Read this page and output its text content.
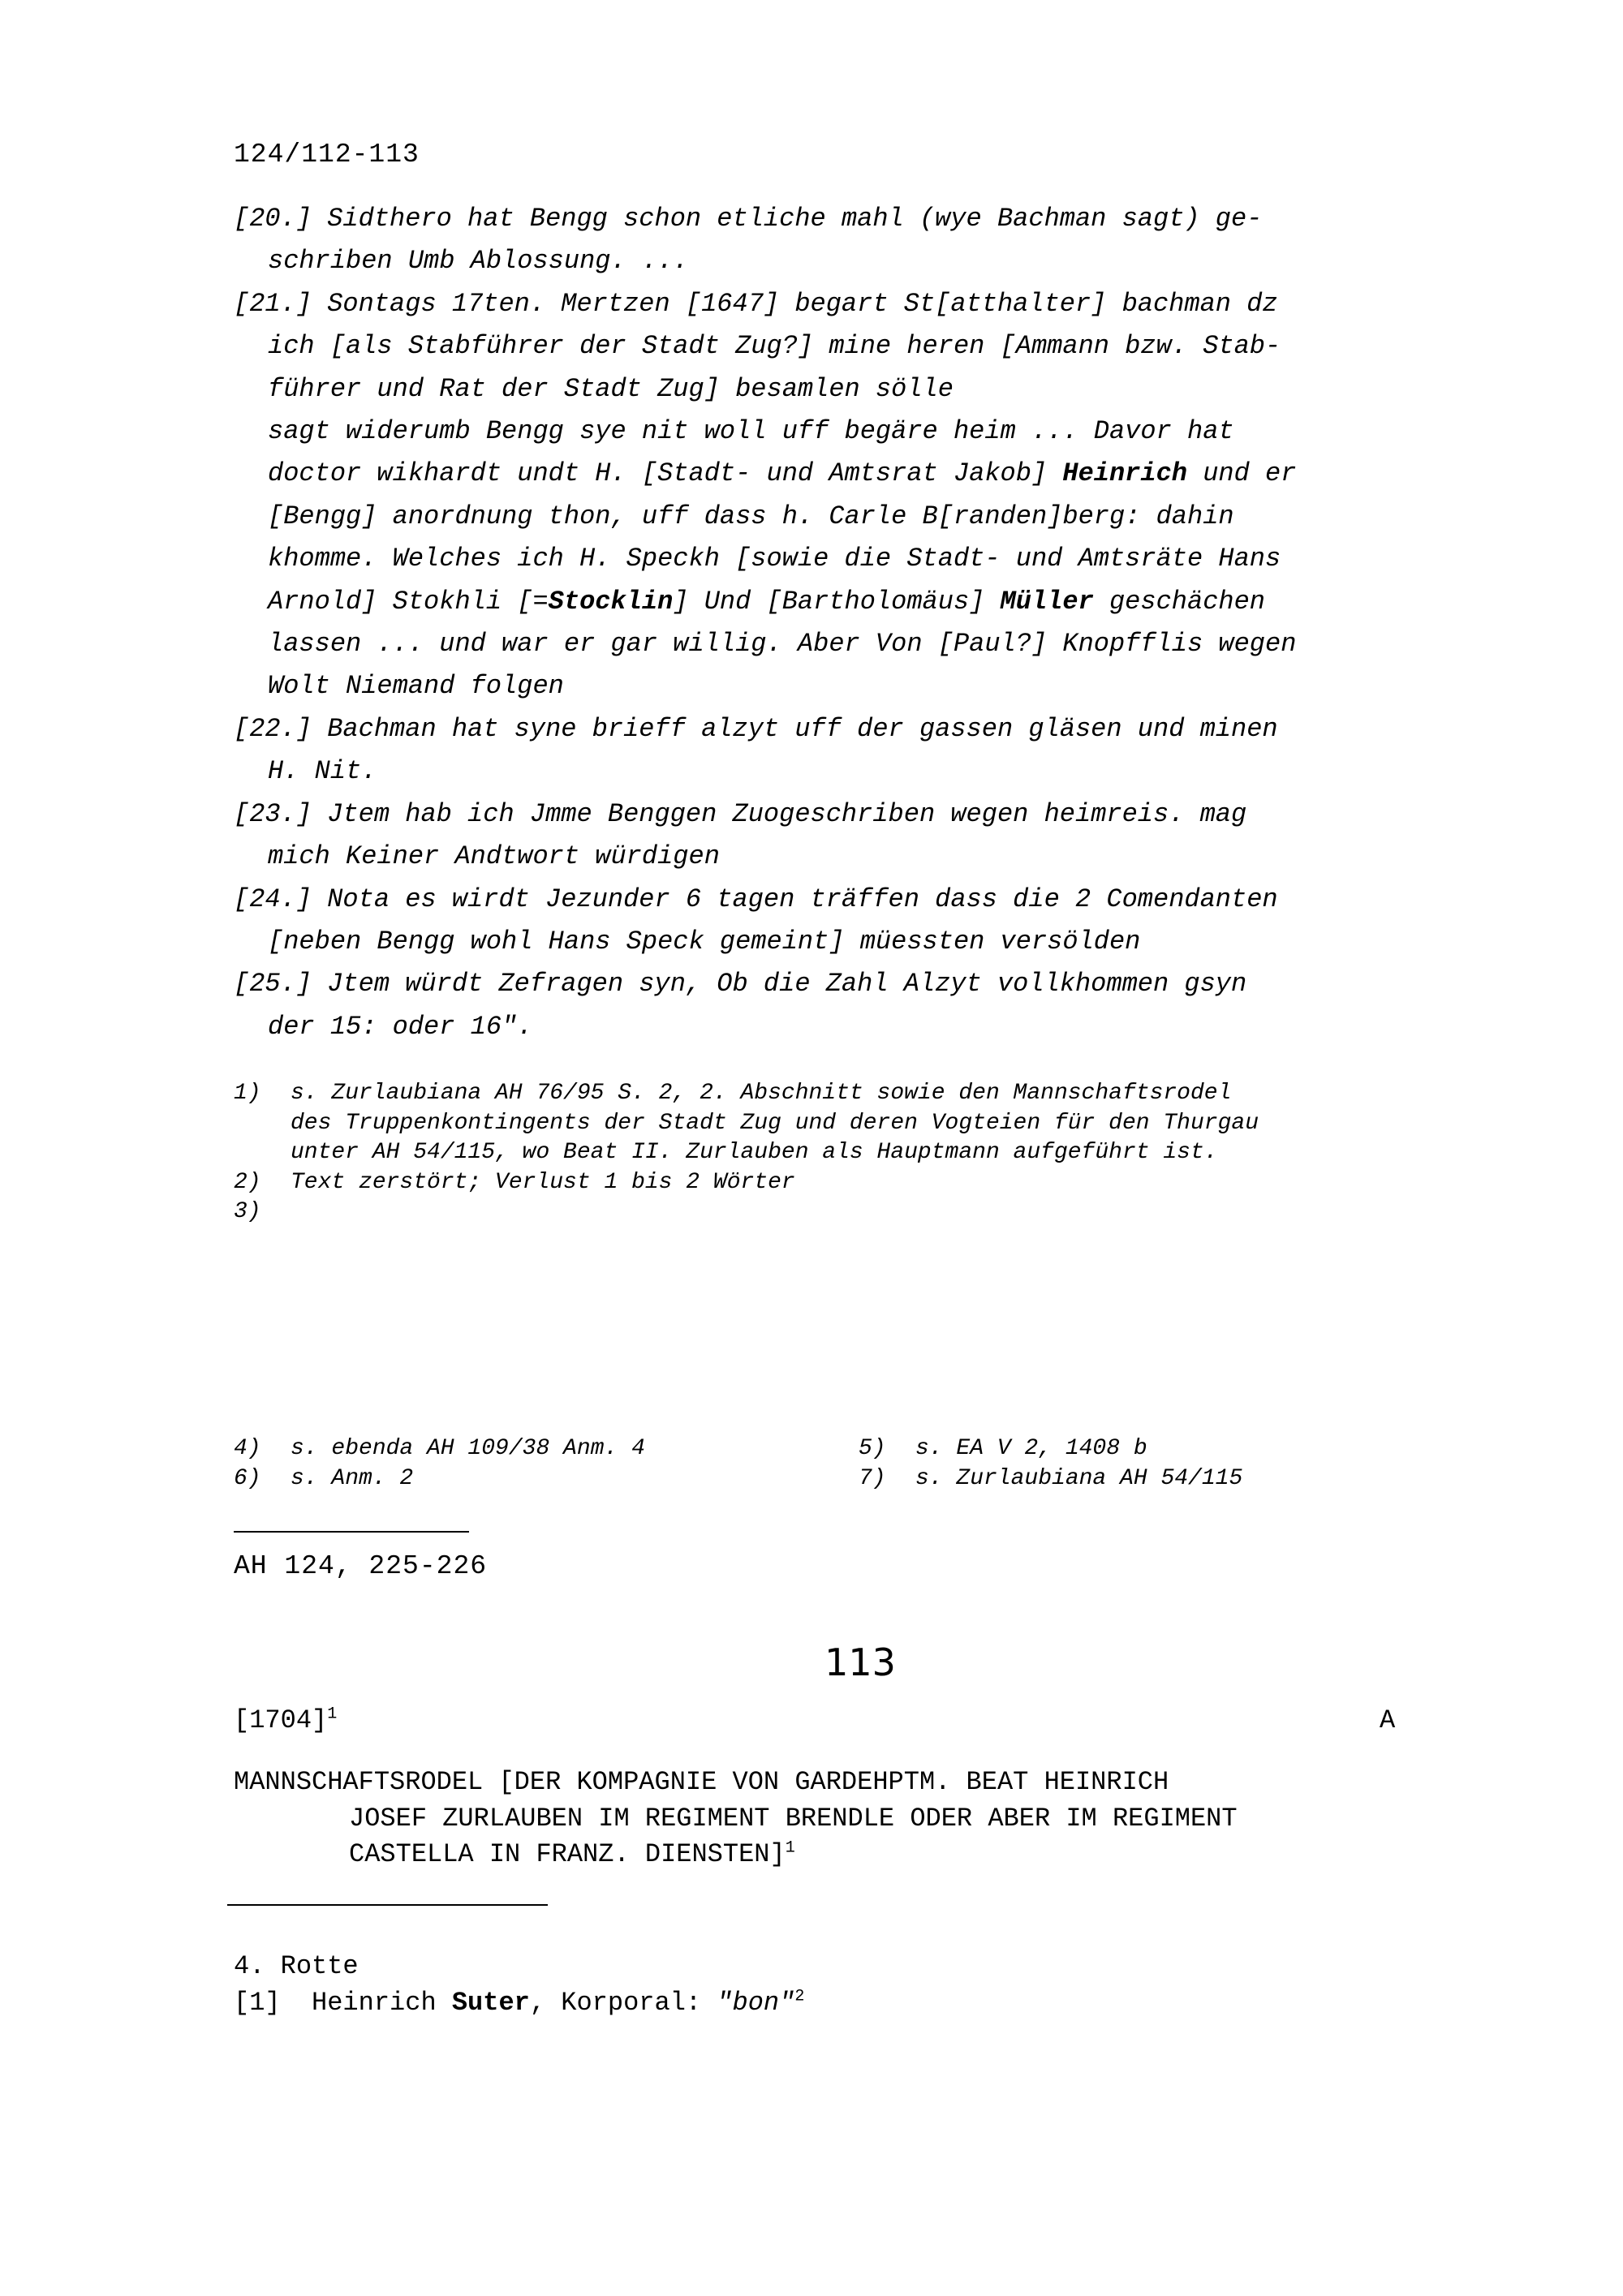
124/112-113
[20.] Sidthero hat Bengg schon etliche mahl (wye Bachman sagt) ge-
schriben Umb Ablossung. ...
[21.] Sontags 17ten. Mertzen [1647] begart St[atthalter] bachman dz
ich [als Stabführer der Stadt Zug?] mine heren [Ammann bzw. Stab-
führer und Rat der Stadt Zug] besamlen sölle
sagt widerumb Bengg sye nit woll uff begäre heim ... Davor hat
doctor wikhardt undt H. [Stadt- und Amtsrat Jakob] Heinrich und er
[Bengg] anordnung thon, uff dass h. Carle B[randen]berg: dahin
khomme. Welches ich H. Speckh [sowie die Stadt- und Amtsräte Hans
Arnold] Stokhli [=Stocklin] Und [Bartholomäus] Müller geschächen
lassen ... und war er gar willig. Aber Von [Paul?] Knopfflis wegen
Wolt Niemand folgen
[22.] Bachman hat syne brieff alzyt uff der gassen gläsen und minen
H. Nit.
[23.] Jtem hab ich Jmme Benggen Zuogeschriben wegen heimreis. mag
mich Keiner Andtwort würdigen
[24.] Nota es wirdt Jezunder 6 tagen träffen dass die 2 Comendanten
[neben Bengg wohl Hans Speck gemeint] müessten versölden
[25.] Jtem würdt Zefragen syn, Ob die Zahl Alzyt vollkhommen gsyn
der 15: oder 16".
1)	s. Zurlaubiana AH 76/95 S. 2, 2. Abschnitt sowie den Mannschaftsrodel
des Truppenkontingents der Stadt Zug und deren Vogteien für den Thurgau
unter AH 54/115, wo Beat II. Zurlauben als Hauptmann aufgeführt ist.
2)	Text zerstört; Verlust 1 bis 2 Wörter
3)
4)	s. ebenda AH 109/38 Anm. 4	5)	s. EA V 2, 1408 b
6)	s. Anm. 2	7)	s. Zurlaubiana AH 54/115
AH 124, 225-226
113
$[1704]^1$	A
MANNSCHAFTSRODEL [DER KOMPAGNIE VON GARDEHPTM. BEAT HEINRICH
JOSEF ZURLAUBEN IM REGIMENT BRENDLE ODER ABER IM REGIMENT
CASTELLA IN FRANZ. DIENSTEN]$^1$
4. Rotte
[1] Heinrich Suter, Korporal: "bon"$^2$
